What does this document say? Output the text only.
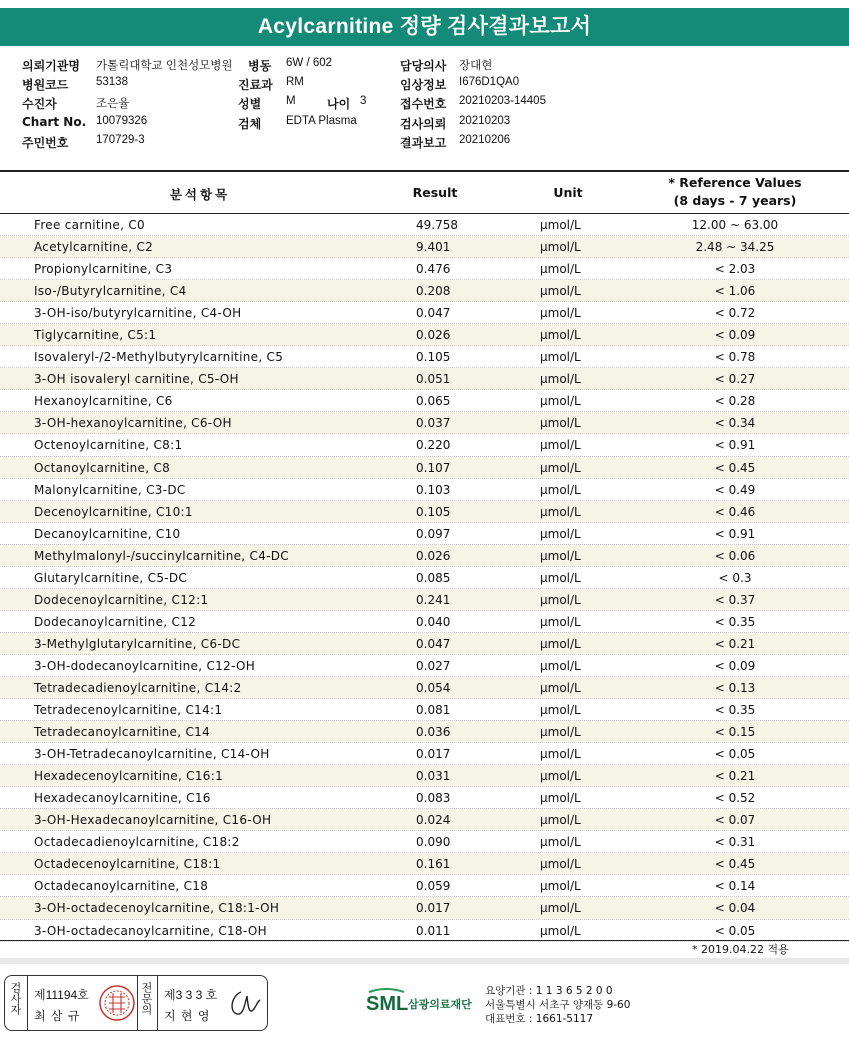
Acylcarnitine 정량 검사결과보고서
의뢰기관명 가톨릭대학교 인천성모병원 병동 6W / 602	담당의사 장대현
병원코드 53138	진료과 RM	임상정보 I676D1QA0
수진자	조은율	성별 M	나이 3	접수번호 20210203-14405
Chart No. 10079326	검체 EDTA Plasma	검사의뢰 20210203
주민번호 170729-3	결과보고 20210206
분석항목	Result	Unit
* Reference Values
(8 days - 7 years)
Free carnitine, C0	49.758	μmol/L	12.00 ~ 63.00
Acetylcarnitine, C2	9.401	μmol/L	2.48 ~ 34.25
Propionylcarnitine, C3	0.476	μmol/L	< 2.03
Iso-/Butyrylcarnitine, C4	0.208	μmol/L	< 1.06
3-OH-iso/butyrylcarnitine, C4-OH	0.047	μmol/L	< 0.72
Tiglycarnitine, C5:1	0.026	μmol/L	< 0.09
Isovaleryl-/2-Methylbutyrylcarnitine, C5	0.105	μmol/L	< 0.78
3-OH isovaleryl carnitine, C5-OH	0.051	μmol/L	< 0.27
Hexanoylcarnitine, C6	0.065	μmol/L	< 0.28
3-OH-hexanoylcarnitine, C6-OH	0.037	μmol/L	< 0.34
Octenoylcarnitine, C8:1	0.220	μmol/L	< 0.91
Octanoylcarnitine, C8	0.107	μmol/L	< 0.45
Malonylcarnitine, C3-DC	0.103	μmol/L	< 0.49
Decenoylcarnitine, C10:1	0.105	μmol/L	< 0.46
Decanoylcarnitine, C10	0.097	μmol/L	< 0.91
Methylmalonyl-/succinylcarnitine, C4-DC	0.026	μmol/L	< 0.06
Glutarylcarnitine, C5-DC	0.085	μmol/L	< 0.3
Dodecenoylcarnitine, C12:1	0.241	μmol/L	< 0.37
Dodecanoylcarnitine, C12	0.040	μmol/L	< 0.35
3-Methylglutarylcarnitine, C6-DC	0.047	μmol/L	< 0.21
3-OH-dodecanoylcarnitine, C12-OH	0.027	μmol/L	< 0.09
Tetradecadienoylcarnitine, C14:2	0.054	μmol/L	< 0.13
Tetradecenoylcarnitine, C14:1	0.081	μmol/L	< 0.35
Tetradecanoylcarnitine, C14	0.036	μmol/L	< 0.15
3-OH-Tetradecanoylcarnitine, C14-OH	0.017	μmol/L	< 0.05
Hexadecenoylcarnitine, C16:1	0.031	μmol/L	< 0.21
Hexadecanoylcarnitine, C16	0.083	μmol/L	< 0.52
3-OH-Hexadecanoylcarnitine, C16-OH	0.024	μmol/L	< 0.07
Octadecadienoylcarnitine, C18:2	0.090	μmol/L	< 0.31
Octadecenoylcarnitine, C18:1	0.161	μmol/L	< 0.45
Octadecanoylcarnitine, C18	0.059	μmol/L	< 0.14
3-OH-octadecenoylcarnitine, C18:1-OH	0.017	μmol/L	< 0.04
3-OH-octadecanoylcarnitine, C18-OH	0.011	μmol/L	< 0.05
* 2019.04.22 적용
검사자 제11194호
최 삼 규
전문의 제3 3 3 호
지 현 영
SML 삼광의료재단
요양기관 : 1 1 3 6 5 2 0 0
서울특별시 서초구 양재동 9-60
대표번호 : 1661-5117
